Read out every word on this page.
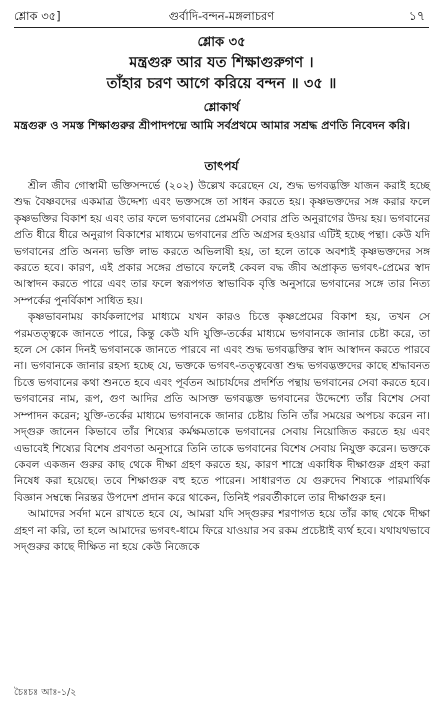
শ্লোক ৩৫]	গুর্বাদি-বন্দন-মঙ্গলাচরণ	১৭
শ্লোক ৩৫
মন্ত্রগুরু আর যত শিক্ষাগুরুগণ ।
তাঁহার চরণ আগে করিয়ে বন্দন ॥ ৩৫ ॥
শ্লোকার্থ
মন্ত্রগুরু ও সমস্ত শিক্ষাগুরুর শ্রীপাদপদ্মে আমি সর্বপ্রথমে আমার সশ্রদ্ধ প্রণতি নিবেদন করি।
তাৎপর্য

শ্রীল জীব গোস্বামী ভক্তিসন্দর্ভে (২০২) উল্লেখ করেছেন যে, শুদ্ধ ভগবদ্ভক্তি যাজন করাই হচ্ছে শুদ্ধ বৈষ্ণবদের একমাত্র উদ্দেশ্য এবং ভক্তসঙ্গে তা সাধন করতে হয়। কৃষ্ণভক্তদের সঙ্গ করার ফলে কৃষ্ণভক্তির বিকাশ হয় এবং তার ফলে ভগবানের প্রেমময়ী সেবার প্রতি অনুরাগের উদয় হয়। ভগবানের প্রতি ধীরে ধীরে অনুরাগ বিকাশের মাধ্যমে ভগবানের প্রতি অগ্রসর হওয়ার এটিই হচ্ছে পন্থা। কেউ যদি ভগবানের প্রতি অনন্য ভক্তি লাভ করতে অভিলাষী হয়, তা হলে তাকে অবশ্যই কৃষ্ণভক্তদের সঙ্গ করতে হবে। কারণ, এই প্রকার সঙ্গের প্রভাবে ফলেই কেবল বদ্ধ জীব অপ্রাকৃত ভগবৎ-প্রেমের স্বাদ আস্বাদন করতে পারে এবং তার ফলে স্বরূপগত স্বাভাবিক বৃত্তি অনুসারে ভগবানের সঙ্গে তার নিত্য সম্পর্কের পুনর্বিকাশ সাধিত হয়।

কৃষ্ণভাবনাময় কার্যকলাপের মাধ্যমে যখন কারও চিত্তে কৃষ্ণপ্রেমের বিকাশ হয়, তখন সে পরমতত্ত্বকে জানতে পারে, কিন্তু কেউ যদি যুক্তি-তর্কের মাধ্যমে ভগবানকে জানার চেষ্টা করে, তা হলে সে কোন দিনই ভগবানকে জানতে পারবে না এবং শুদ্ধ ভগবদ্ভক্তির স্বাদ আস্বাদন করতে পারবে না। ভগবানকে জানার রহস্য হচ্ছে যে, ভক্তকে ভগবৎ-তত্ত্ববেত্তা শুদ্ধ ভগবদ্ভক্তদের কাছে শ্রদ্ধাবনত চিত্তে ভগবানের কথা শুনতে হবে এবং পূর্বতন আচার্যদের প্রদর্শিত পন্থায় ভগবানের সেবা করতে হবে। ভগবানের নাম, রূপ, গুণ আদির প্রতি আসক্ত ভগবদ্ভক্ত ভগবানের উদ্দেশ্যে তাঁর বিশেষ সেবা সম্পাদন করেন; যুক্তি-তর্কের মাধ্যমে ভগবানকে জানার চেষ্টায় তিনি তাঁর সময়ের অপচয় করেন না। সদ্গুরু জানেন কিভাবে তাঁর শিষ্যের কর্মক্ষমতাকে ভগবানের সেবায় নিয়োজিত করতে হয় এবং এভাবেই শিষ্যের বিশেষ প্রবণতা অনুসারে তিনি তাকে ভগবানের বিশেষ সেবায় নিযুক্ত করেন। ভক্তকে কেবল একজন গুরুর কাছ থেকে দীক্ষা গ্রহণ করতে হয়, কারণ শাস্ত্রে একাধিক দীক্ষাগুরু গ্রহণ করা নিষেধ করা হয়েছে। তবে শিক্ষাগুরু বহু হতে পারেন। সাধারণত যে গুরুদেব শিষ্যকে পারমার্থিক বিজ্ঞান সম্বন্ধে নিরন্তর উপদেশ প্রদান করে থাকেন, তিনিই পরবর্তীকালে তার দীক্ষাগুরু হন।

আমাদের সর্বদা মনে রাখতে হবে যে, আমরা যদি সদ্গুরুর শরণাগত হয়ে তাঁর কাছ থেকে দীক্ষা গ্রহণ না করি, তা হলে আমাদের ভগবৎ-ধামে ফিরে যাওয়ার সব রকম প্রচেষ্টাই ব্যর্থ হবে। যথাযথভাবে সদ্গুরুর কাছে দীক্ষিত না হয়ে কেউ নিজেকে

চৈঃচঃ আঃ-১/২
